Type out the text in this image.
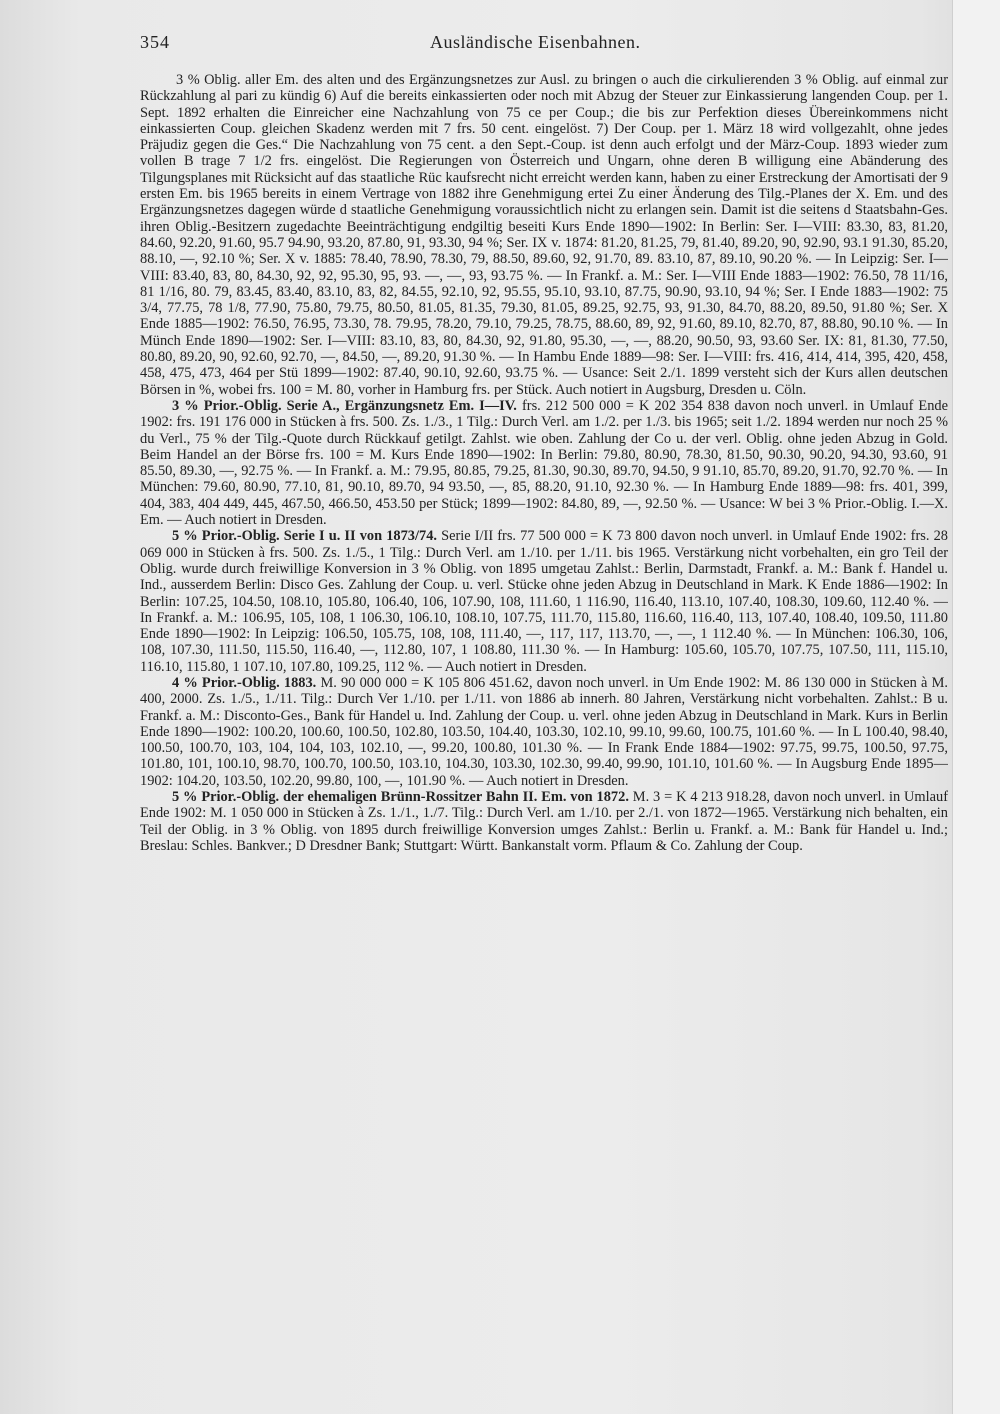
354	Ausländische Eisenbahnen.

3 % Oblig. aller Em. des alten und des Ergänzungsnetzes zur Ausl. zu bringen o auch die cirkulierenden 3 % Oblig. auf einmal zur Rückzahlung al pari zu kündig 6) Auf die bereits einkassierten oder noch mit Abzug der Steuer zur Einkassierung langenden Coup. per 1. Sept. 1892 erhalten die Einreicher eine Nachzahlung von 75 ce per Coup.; die bis zur Perfektion dieses Übereinkommens nicht einkassierten Coup. gleichen Skadenz werden mit 7 frs. 50 cent. eingelöst. 7) Der Coup. per 1. März 18 wird vollgezahlt, ohne jedes Präjudiz gegen die Ges.“ Die Nachzahlung von 75 cent. a den Sept.-Coup. ist denn auch erfolgt und der März-Coup. 1893 wieder zum vollen B trage 7 1/2 frs. eingelöst. Die Regierungen von Österreich und Ungarn, ohne deren B willigung eine Abänderung des Tilgungsplanes mit Rücksicht auf das staatliche Rüc kaufsrecht nicht erreicht werden kann, haben zu einer Erstreckung der Amortisati der 9 ersten Em. bis 1965 bereits in einem Vertrage von 1882 ihre Genehmigung ertei Zu einer Änderung des Tilg.-Planes der X. Em. und des Ergänzungsnetzes dagegen würde d staatliche Genehmigung voraussichtlich nicht zu erlangen sein. Damit ist die seitens d Staatsbahn-Ges. ihren Oblig.-Besitzern zugedachte Beeinträchtigung endgiltig beseiti Kurs Ende 1890—1902: In Berlin: Ser. I—VIII: 83.30, 83, 81.20, 84.60, 92.20, 91.60, 95.7 94.90, 93.20, 87.80, 91, 93.30, 94 %; Ser. IX v. 1874: 81.20, 81.25, 79, 81.40, 89.20, 90, 92.90, 93.1 91.30, 85.20, 88.10, —, 92.10 %; Ser. X v. 1885: 78.40, 78.90, 78.30, 79, 88.50, 89.60, 92, 91.70, 89. 83.10, 87, 89.10, 90.20 %. — In Leipzig: Ser. I—VIII: 83.40, 83, 80, 84.30, 92, 92, 95.30, 95, 93. —, —, 93, 93.75 %. — In Frankf. a. M.: Ser. I—VIII Ende 1883—1902: 76.50, 78 11/16, 81 1/16, 80. 79, 83.45, 83.40, 83.10, 83, 82, 84.55, 92.10, 92, 95.55, 95.10, 93.10, 87.75, 90.90, 93.10, 94 %; Ser. I Ende 1883—1902: 75 3/4, 77.75, 78 1/8, 77.90, 75.80, 79.75, 80.50, 81.05, 81.35, 79.30, 81.05, 89.25, 92.75, 93, 91.30, 84.70, 88.20, 89.50, 91.80 %; Ser. X Ende 1885—1902: 76.50, 76.95, 73.30, 78. 79.95, 78.20, 79.10, 79.25, 78.75, 88.60, 89, 92, 91.60, 89.10, 82.70, 87, 88.80, 90.10 %. — In Münch Ende 1890—1902: Ser. I—VIII: 83.10, 83, 80, 84.30, 92, 91.80, 95.30, —, —, 88.20, 90.50, 93, 93.60 Ser. IX: 81, 81.30, 77.50, 80.80, 89.20, 90, 92.60, 92.70, —, 84.50, —, 89.20, 91.30 %. — In Hambu Ende 1889—98: Ser. I—VIII: frs. 416, 414, 414, 395, 420, 458, 458, 475, 473, 464 per Stü 1899—1902: 87.40, 90.10, 92.60, 93.75 %. — Usance: Seit 2./1. 1899 versteht sich der Kurs allen deutschen Börsen in %, wobei frs. 100 = M. 80, vorher in Hamburg frs. per Stück. Auch notiert in Augsburg, Dresden u. Cöln.

3 % Prior.-Oblig. Serie A., Ergänzungsnetz Em. I—IV. frs. 212 500 000 = K 202 354 838 davon noch unverl. in Umlauf Ende 1902: frs. 191 176 000 in Stücken à frs. 500. Zs. 1./3., 1 Tilg.: Durch Verl. am 1./2. per 1./3. bis 1965; seit 1./2. 1894 werden nur noch 25 % du Verl., 75 % der Tilg.-Quote durch Rückkauf getilgt. Zahlst. wie oben. Zahlung der Co u. der verl. Oblig. ohne jeden Abzug in Gold. Beim Handel an der Börse frs. 100 = M. Kurs Ende 1890—1902: In Berlin: 79.80, 80.90, 78.30, 81.50, 90.30, 90.20, 94.30, 93.60, 91 85.50, 89.30, —, 92.75 %. — In Frankf. a. M.: 79.95, 80.85, 79.25, 81.30, 90.30, 89.70, 94.50, 9 91.10, 85.70, 89.20, 91.70, 92.70 %. — In München: 79.60, 80.90, 77.10, 81, 90.10, 89.70, 94 93.50, —, 85, 88.20, 91.10, 92.30 %. — In Hamburg Ende 1889—98: frs. 401, 399, 404, 383, 404 449, 445, 467.50, 466.50, 453.50 per Stück; 1899—1902: 84.80, 89, —, 92.50 %. — Usance: W bei 3 % Prior.-Oblig. I.—X. Em. — Auch notiert in Dresden.

5 % Prior.-Oblig. Serie I u. II von 1873/74. Serie I/II frs. 77 500 000 = K 73 800 davon noch unverl. in Umlauf Ende 1902: frs. 28 069 000 in Stücken à frs. 500. Zs. 1./5., 1 Tilg.: Durch Verl. am 1./10. per 1./11. bis 1965. Verstärkung nicht vorbehalten, ein gro Teil der Oblig. wurde durch freiwillige Konversion in 3 % Oblig. von 1895 umgetau Zahlst.: Berlin, Darmstadt, Frankf. a. M.: Bank f. Handel u. Ind., ausserdem Berlin: Disco Ges. Zahlung der Coup. u. verl. Stücke ohne jeden Abzug in Deutschland in Mark. K Ende 1886—1902: In Berlin: 107.25, 104.50, 108.10, 105.80, 106.40, 106, 107.90, 108, 111.60, 1 116.90, 116.40, 113.10, 107.40, 108.30, 109.60, 112.40 %. — In Frankf. a. M.: 106.95, 105, 108, 1 106.30, 106.10, 108.10, 107.75, 111.70, 115.80, 116.60, 116.40, 113, 107.40, 108.40, 109.50, 111.80 Ende 1890—1902: In Leipzig: 106.50, 105.75, 108, 108, 111.40, —, 117, 117, 113.70, —, —, 1 112.40 %. — In München: 106.30, 106, 108, 107.30, 111.50, 115.50, 116.40, —, 112.80, 107, 1 108.80, 111.30 %. — In Hamburg: 105.60, 105.70, 107.75, 107.50, 111, 115.10, 116.10, 115.80, 1 107.10, 107.80, 109.25, 112 %. — Auch notiert in Dresden.

4 % Prior.-Oblig. 1883. M. 90 000 000 = K 105 806 451.62, davon noch unverl. in Um Ende 1902: M. 86 130 000 in Stücken à M. 400, 2000. Zs. 1./5., 1./11. Tilg.: Durch Ver 1./10. per 1./11. von 1886 ab innerh. 80 Jahren, Verstärkung nicht vorbehalten. Zahlst.: B u. Frankf. a. M.: Disconto-Ges., Bank für Handel u. Ind. Zahlung der Coup. u. verl. ohne jeden Abzug in Deutschland in Mark. Kurs in Berlin Ende 1890—1902: 100.20, 100.60, 100.50, 102.80, 103.50, 104.40, 103.30, 102.10, 99.10, 99.60, 100.75, 101.60 %. — In L 100.40, 98.40, 100.50, 100.70, 103, 104, 104, 103, 102.10, —, 99.20, 100.80, 101.30 %. — In Frank Ende 1884—1902: 97.75, 99.75, 100.50, 97.75, 101.80, 101, 100.10, 98.70, 100.70, 100.50, 103.10, 104.30, 103.30, 102.30, 99.40, 99.90, 101.10, 101.60 %. — In Augsburg Ende 1895—1902: 104.20, 103.50, 102.20, 99.80, 100, —, 101.90 %. — Auch notiert in Dresden.

5 % Prior.-Oblig. der ehemaligen Brünn-Rossitzer Bahn II. Em. von 1872. M. 3 = K 4 213 918.28, davon noch unverl. in Umlauf Ende 1902: M. 1 050 000 in Stücken à Zs. 1./1., 1./7. Tilg.: Durch Verl. am 1./10. per 2./1. von 1872—1965. Verstärkung nich behalten, ein Teil der Oblig. in 3 % Oblig. von 1895 durch freiwillige Konversion umges Zahlst.: Berlin u. Frankf. a. M.: Bank für Handel u. Ind.; Breslau: Schles. Bankver.; D Dresdner Bank; Stuttgart: Württ. Bankanstalt vorm. Pflaum & Co. Zahlung der Coup.
